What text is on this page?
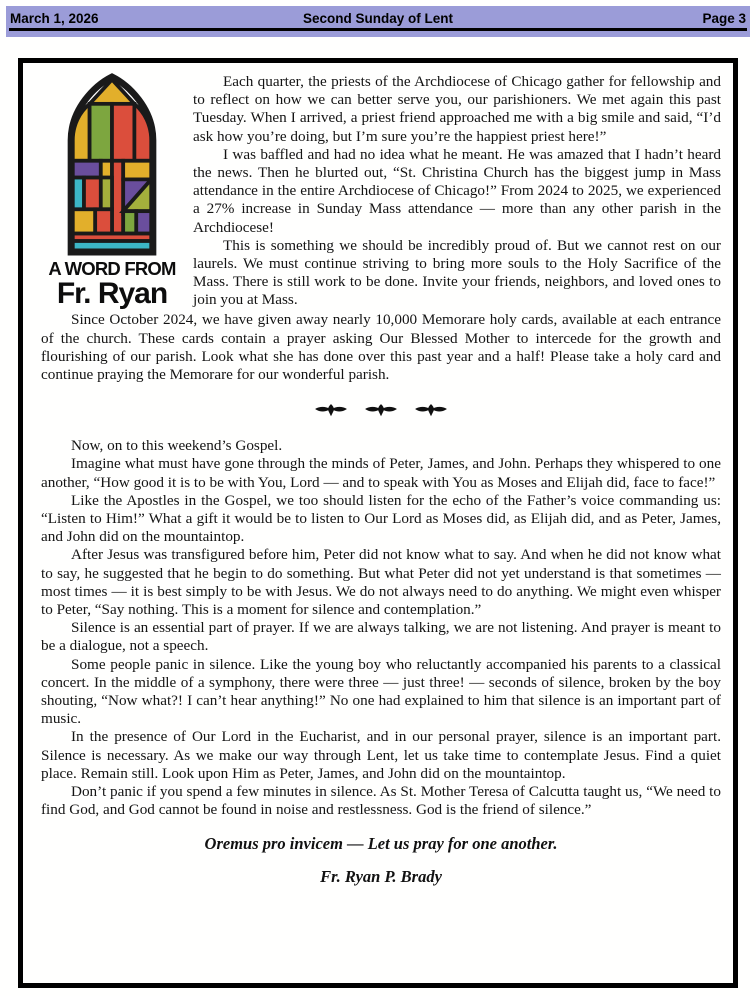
March 1, 2026	Second Sunday of Lent	Page 3
A WORD FROM
Fr. Ryan

Each quarter, the priests of the Archdiocese of Chicago gather for fellowship and to reflect on how we can better serve you, our parishioners. We met again this past Tuesday. When I arrived, a priest friend approached me with a big smile and said, “I’d ask how you’re doing, but I’m sure you’re the happiest priest here!”

I was baffled and had no idea what he meant. He was amazed that I hadn’t heard the news. Then he blurted out, “St. Christina Church has the biggest jump in Mass attendance in the entire Archdiocese of Chicago!” From 2024 to 2025, we experienced a 27% increase in Sunday Mass attendance — more than any other parish in the Archdiocese!

This is something we should be incredibly proud of. But we cannot rest on our laurels. We must continue striving to bring more souls to the Holy Sacrifice of the Mass. There is still work to be done. Invite your friends, neighbors, and loved ones to join you at Mass.

Since October 2024, we have given away nearly 10,000 Memorare holy cards, available at each entrance of the church. These cards contain a prayer asking Our Blessed Mother to intercede for the growth and flourishing of our parish. Look what she has done over this past year and a half! Please take a holy card and continue praying the Memorare for our wonderful parish.

Now, on to this weekend’s Gospel.

Imagine what must have gone through the minds of Peter, James, and John. Perhaps they whispered to one another, “How good it is to be with You, Lord — and to speak with You as Moses and Elijah did, face to face!”

Like the Apostles in the Gospel, we too should listen for the echo of the Father’s voice commanding us: “Listen to Him!” What a gift it would be to listen to Our Lord as Moses did, as Elijah did, and as Peter, James, and John did on the mountaintop.

After Jesus was transfigured before him, Peter did not know what to say. And when he did not know what to say, he suggested that he begin to do something. But what Peter did not yet understand is that sometimes — most times — it is best simply to be with Jesus. We do not always need to do anything. We might even whisper to Peter, “Say nothing. This is a moment for silence and contemplation.”

Silence is an essential part of prayer. If we are always talking, we are not listening. And prayer is meant to be a dialogue, not a speech.

Some people panic in silence. Like the young boy who reluctantly accompanied his parents to a classical concert. In the middle of a symphony, there were three — just three! — seconds of silence, broken by the boy shouting, “Now what?! I can’t hear anything!” No one had explained to him that silence is an important part of music.

In the presence of Our Lord in the Eucharist, and in our personal prayer, silence is an important part. Silence is necessary. As we make our way through Lent, let us take time to contemplate Jesus. Find a quiet place. Remain still. Look upon Him as Peter, James, and John did on the mountaintop.

Don’t panic if you spend a few minutes in silence. As St. Mother Teresa of Calcutta taught us, “We need to find God, and God cannot be found in noise and restlessness. God is the friend of silence.”

Oremus pro invicem — Let us pray for one another.

Fr. Ryan P. Brady
